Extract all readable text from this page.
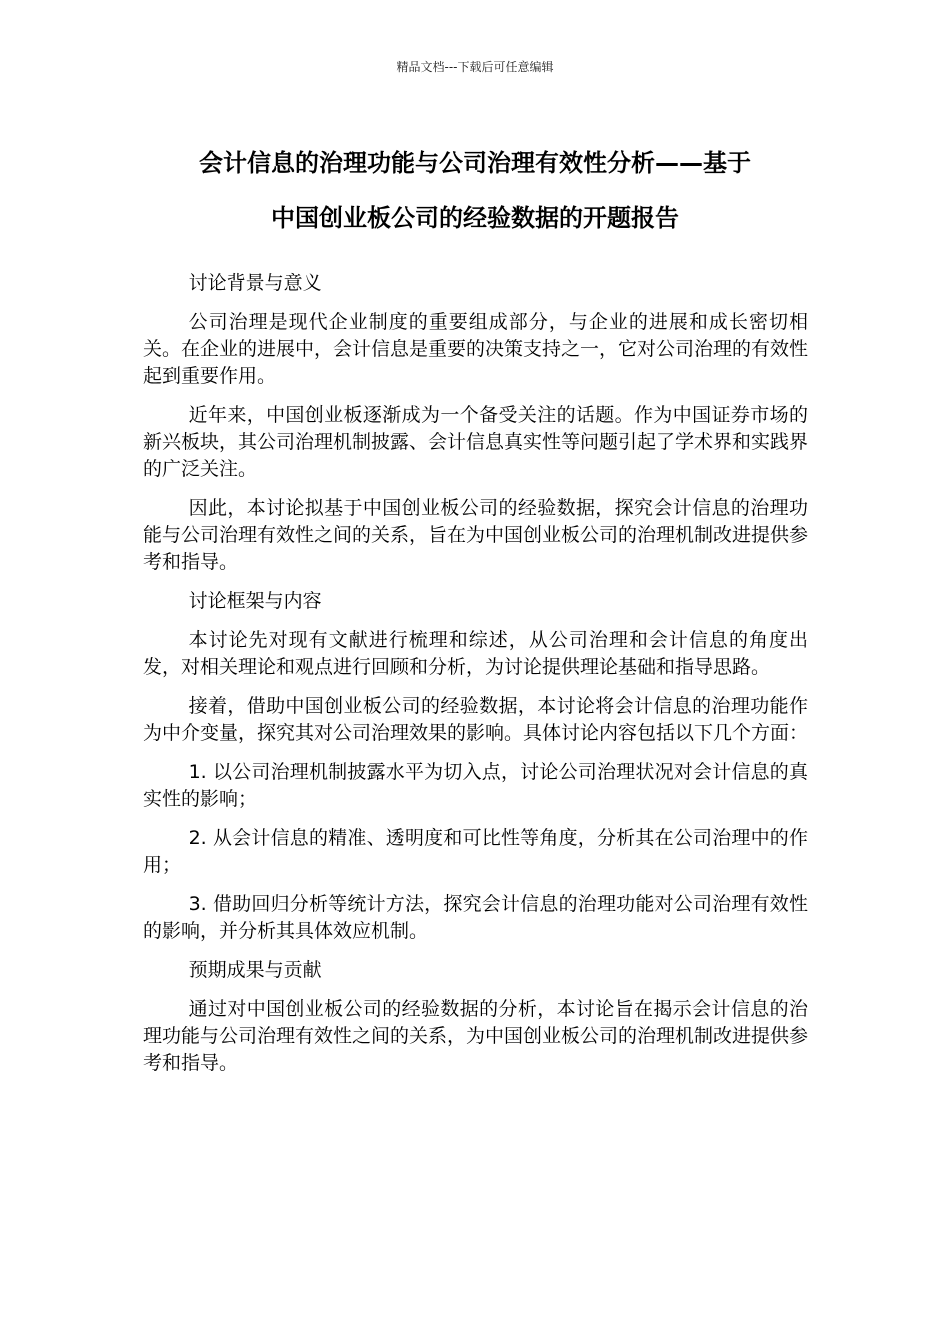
精品文档---下载后可任意编辑
会计信息的治理功能与公司治理有效性分析——基于
中国创业板公司的经验数据的开题报告

讨论背景与意义

公司治理是现代企业制度的重要组成部分，与企业的进展和成长密切相关。在企业的进展中，会计信息是重要的决策支持之一，它对公司治理的有效性起到重要作用。

近年来，中国创业板逐渐成为一个备受关注的话题。作为中国证券市场的新兴板块，其公司治理机制披露、会计信息真实性等问题引起了学术界和实践界的广泛关注。

因此，本讨论拟基于中国创业板公司的经验数据，探究会计信息的治理功能与公司治理有效性之间的关系，旨在为中国创业板公司的治理机制改进提供参考和指导。

讨论框架与内容

本讨论先对现有文献进行梳理和综述，从公司治理和会计信息的角度出发，对相关理论和观点进行回顾和分析，为讨论提供理论基础和指导思路。

接着，借助中国创业板公司的经验数据，本讨论将会计信息的治理功能作为中介变量，探究其对公司治理效果的影响。具体讨论内容包括以下几个方面：

1. 以公司治理机制披露水平为切入点，讨论公司治理状况对会计信息的真实性的影响；

2. 从会计信息的精准、透明度和可比性等角度，分析其在公司治理中的作用；

3. 借助回归分析等统计方法，探究会计信息的治理功能对公司治理有效性的影响，并分析其具体效应机制。

预期成果与贡献

通过对中国创业板公司的经验数据的分析，本讨论旨在揭示会计信息的治理功能与公司治理有效性之间的关系，为中国创业板公司的治理机制改进提供参考和指导。
